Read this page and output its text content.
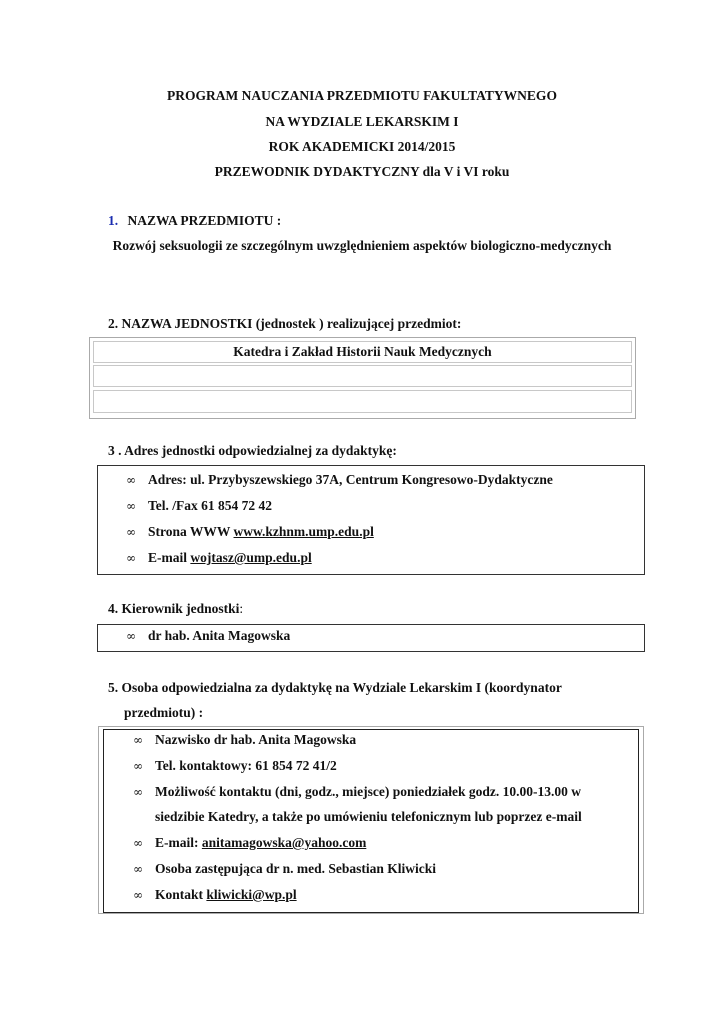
PROGRAM NAUCZANIA PRZEDMIOTU FAKULTATYWNEGO
NA WYDZIALE LEKARSKIM I
ROK AKADEMICKI 2014/2015
PRZEWODNIK DYDAKTYCZNY dla V i VI roku
1. NAZWA PRZEDMIOTU :
Rozwój seksuologii ze szczególnym uwzględnieniem aspektów biologiczno-medycznych
2. NAZWA JEDNOSTKI (jednostek ) realizującej przedmiot:
Katedra i Zakład Historii Nauk Medycznych
3 . Adres jednostki odpowiedzialnej za dydaktykę:
∞ Adres: ul. Przybyszewskiego 37A, Centrum Kongresowo-Dydaktyczne
∞ Tel. /Fax 61 854 72 42
∞ Strona WWW www.kzhnm.ump.edu.pl
∞ E-mail wojtasz@ump.edu.pl
4. Kierownik jednostki:
∞ dr hab. Anita Magowska
5. Osoba odpowiedzialna za dydaktykę na Wydziale Lekarskim I (koordynator
przedmiotu) :
∞ Nazwisko dr hab. Anita Magowska
∞ Tel. kontaktowy: 61 854 72 41/2
∞ Możliwość kontaktu (dni, godz., miejsce) poniedziałek godz. 10.00-13.00 w
siedzibie Katedry, a także po umówieniu telefonicznym lub poprzez e-mail
∞ E-mail: anitamagowska@yahoo.com
∞ Osoba zastępująca dr n. med. Sebastian Kliwicki
∞ Kontakt kliwicki@wp.pl
